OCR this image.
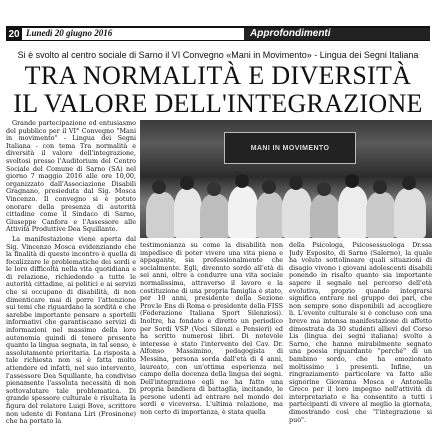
20 Lunedì 20 giugno 2016	Approfondimenti
Si è svolto al centro sociale di Sarno il VI Convegno «Mani in Movimento» - Lingua dei Segni Italiana
TRA NORMALITÀ E DIVERSITÀ
IL VALORE DELL'INTEGRAZIONE

Grande partecipazione ed entusiasmo del pubblico per il VI° Convegno "Mani in movimento" - Lingua dei Segni Italiana - con tema Tra normalità e diversità il valore dell'integrazione, svoltosi presso l'Auditorium del Centro Sociale del Comune di Sarno (SA) nel giorno 7 maggio 2016 alle ore 10,00, organizzato dall'Associazione Disabili Gragnano, presieduta dal Sig. Mosca Vincenzo. Il convegno si è potuto onorare della presenza di autorità cittadine come il Sindaco di Sarno, Giuseppe Canfora e l'Assessore alle Attività Produttive Dea Squillante.

La manifestazione viene aperta dal Sig. Vincenzo Mosca evidenziando che la finalità di questo incontro è quella di focalizzare le problematiche dei sordi e le loro difficoltà nella vita quotidiana e di relazione, richiedendo a tutte le autorità cittadine, ai politici e ai servizi che si occupano di disabilità, di non dimenticare mai di porre l'attenzione sui temi che riguardano la sordità e che sarebbe importante pensare a sportelli informativi che garantiscano servizi di informazioni nel massimo della loro autonomia quindi di tenere presente quanto la lingua segnata, in tal senso, è assolutamente prioritaria. La risposta a tale richiesta non si è fatta molto attendere ed infatti, nel suo intervento, l'assessore Dea Squillante, ha condiviso pienamente l'assoluta necessità di non sottovalutare tale problematica. Di grande spessore culturale è risultata la figura del relatore Luigi Bove, scrittore non udente di Fontana Liri (Frosinone) che ha portato la

MANI IN MOVIMENTO

testimonianza su come la disabilità non impedisce di poter vivere una vita piena e appagante, sia professionalmente che socialmente. Egli, divenuto sordo all'età di sei anni, oltre a condurre una vita sociale normalissima, attraverso il lavoro e la costituzione di una propria famiglia è stato, per 10 anni, presidente della Sezione Prov.le Ens di Roma e presidente della FISS (Federazione Italiana Sport Silenziosi). Inoltre, ha fondato e diretto un periodico per Sordi VSP (Voci Silenzi e Pensieri) ed ha scritto numerosi libri. Di notevole interesse è stato l'intervento del Cav. Dr. Alfonso Massimino, pedagogista di Messina, persona sorda dall'età di 4 anni, laureato, con un'ottima esperienza nel campo della docenza della lingua dei segni. Dell'integrazione egli ne ha fatto una propria bandiera di battaglia, incitando, le persone udenti ad entrare nel mondo dei sordi e viceversa. L'ultima relazione, ma non certo di importanza, è stata quella

della Psicologa, Psicosessuologa Dr.ssa Judy Esposito, di Sarno (Salerno), la quale ha voluto sottolineare quali situazioni di disagio vivono i giovani adolescenti disabili ponendo in risalto quanto sia importante sapere il segnale nel percorso dell'età evolutiva, proprio quando integrarsi significa entrare nel gruppo dei pari, che non sempre sono disponibili ad accogliere li. L'evento culturale si è concluso con una breve ma intensa manifestazione di affetto dimostrata da 30 studenti allievi del Corso Lis (lingua dei segni italiana) svolto a Sarno, che hanno mirabilmente segnato una poesia riguardante "perché" di un bambino sordo, che ha emozionato moltissimo i presenti. Infine, un ringraziamento particolare va fatto alle signorine Giovanna Mosca e Antonella Greco per il loro impegno nell'attività di interpretariato e ha consentito a tutti i partecipanti di vivere al meglio la giornata, dimostrando così che "l'integrazione si può".
